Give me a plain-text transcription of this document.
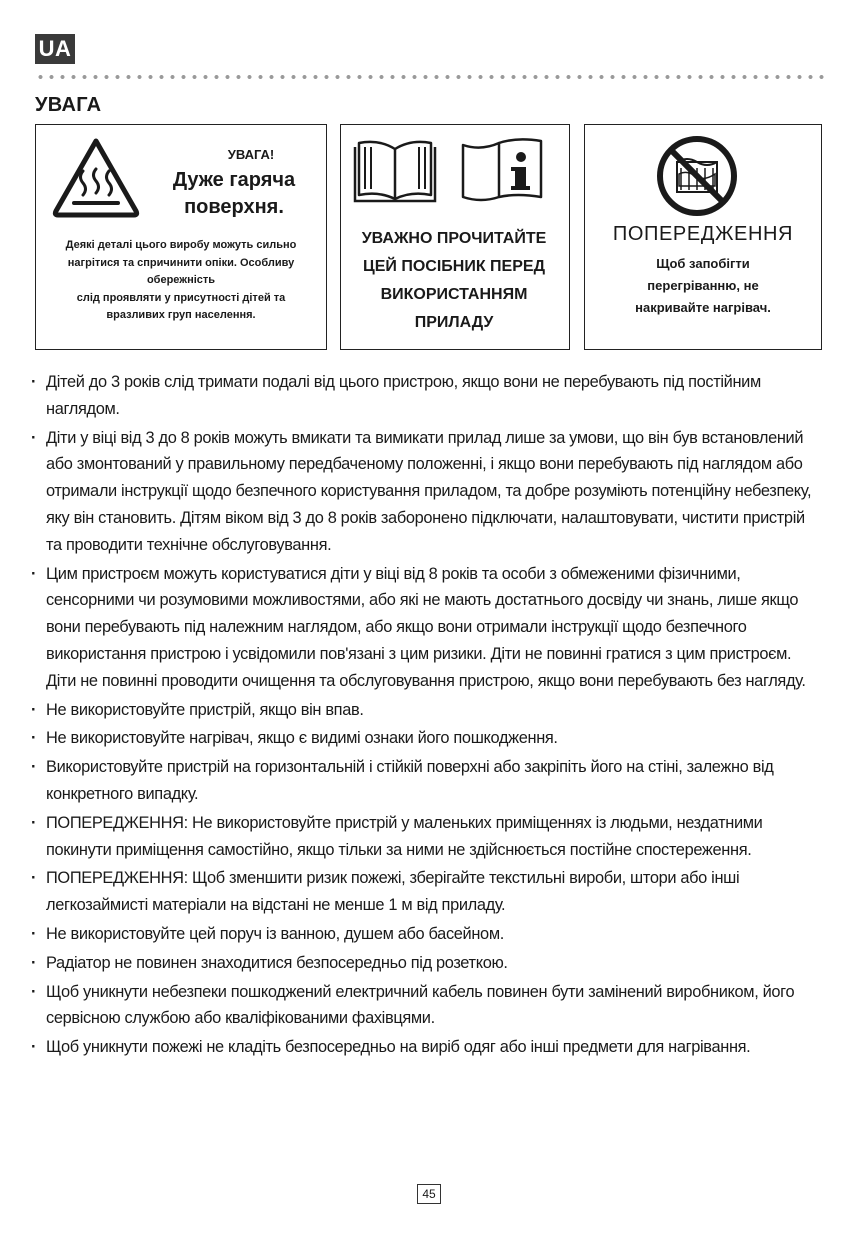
UA
УВАГА
УВАГА!
Дуже гаряча поверхня.
Деякі деталі цього виробу можуть сильно
нагрітися та спричинити опіки. Особливу
обережність
слід проявляти у присутності дітей та
вразливих груп населення.
УВАЖНО ПРОЧИТАЙТЕ
ЦЕЙ ПОСІБНИК ПЕРЕД
ВИКОРИСТАННЯМ
ПРИЛАДУ
ПОПЕРЕДЖЕННЯ
Щоб запобігти
перегріванню, не
накривайте нагрівач.
· Дітей до 3 років слід тримати подалі від цього пристрою, якщо вони не перебувають під постійним наглядом.
· Діти у віці від 3 до 8 років можуть вмикати та вимикати прилад лише за умови, що він був встановлений або змонтований у правильному передбаченому положенні, і якщо вони перебувають під наглядом або отримали інструкції щодо безпечного користування приладом, та добре розуміють потенційну небезпеку, яку він становить. Дітям віком від 3 до 8 років заборонено підключати, налаштовувати, чистити пристрій та проводити технічне обслуговування.
· Цим пристроєм можуть користуватися діти у віці від 8 років та особи з обмеженими фізичними, сенсорними чи розумовими можливостями, або які не мають достатнього досвіду чи знань, лише якщо вони перебувають під належним наглядом, або якщо вони отримали інструкції щодо безпечного використання пристрою і усвідомили пов'язані з цим ризики. Діти не повинні гратися з цим пристроєм. Діти не повинні проводити очищення та обслуговування пристрою, якщо вони перебувають без нагляду.
· Не використовуйте пристрій, якщо він впав.
· Не використовуйте нагрівач, якщо є видимі ознаки його пошкодження.
· Використовуйте пристрій на горизонтальній і стійкій поверхні або закріпіть його на стіні, залежно від конкретного випадку.
· ПОПЕРЕДЖЕННЯ: Не використовуйте пристрій у маленьких приміщеннях із людьми, нездатними покинути приміщення самостійно, якщо тільки за ними не здійснюється постійне спостереження.
· ПОПЕРЕДЖЕННЯ: Щоб зменшити ризик пожежі, зберігайте текстильні вироби, штори або інші легкозаймисті матеріали на відстані не менше 1 м від приладу.
· Не використовуйте цей поруч із ванною, душем або басейном.
· Радіатор не повинен знаходитися безпосередньо під розеткою.
· Щоб уникнути небезпеки пошкоджений електричний кабель повинен бути замінений виробником, його сервісною службою або кваліфікованими фахівцями.
· Щоб уникнути пожежі не кладіть безпосередньо на виріб одяг або інші предмети для нагрівання.
45
